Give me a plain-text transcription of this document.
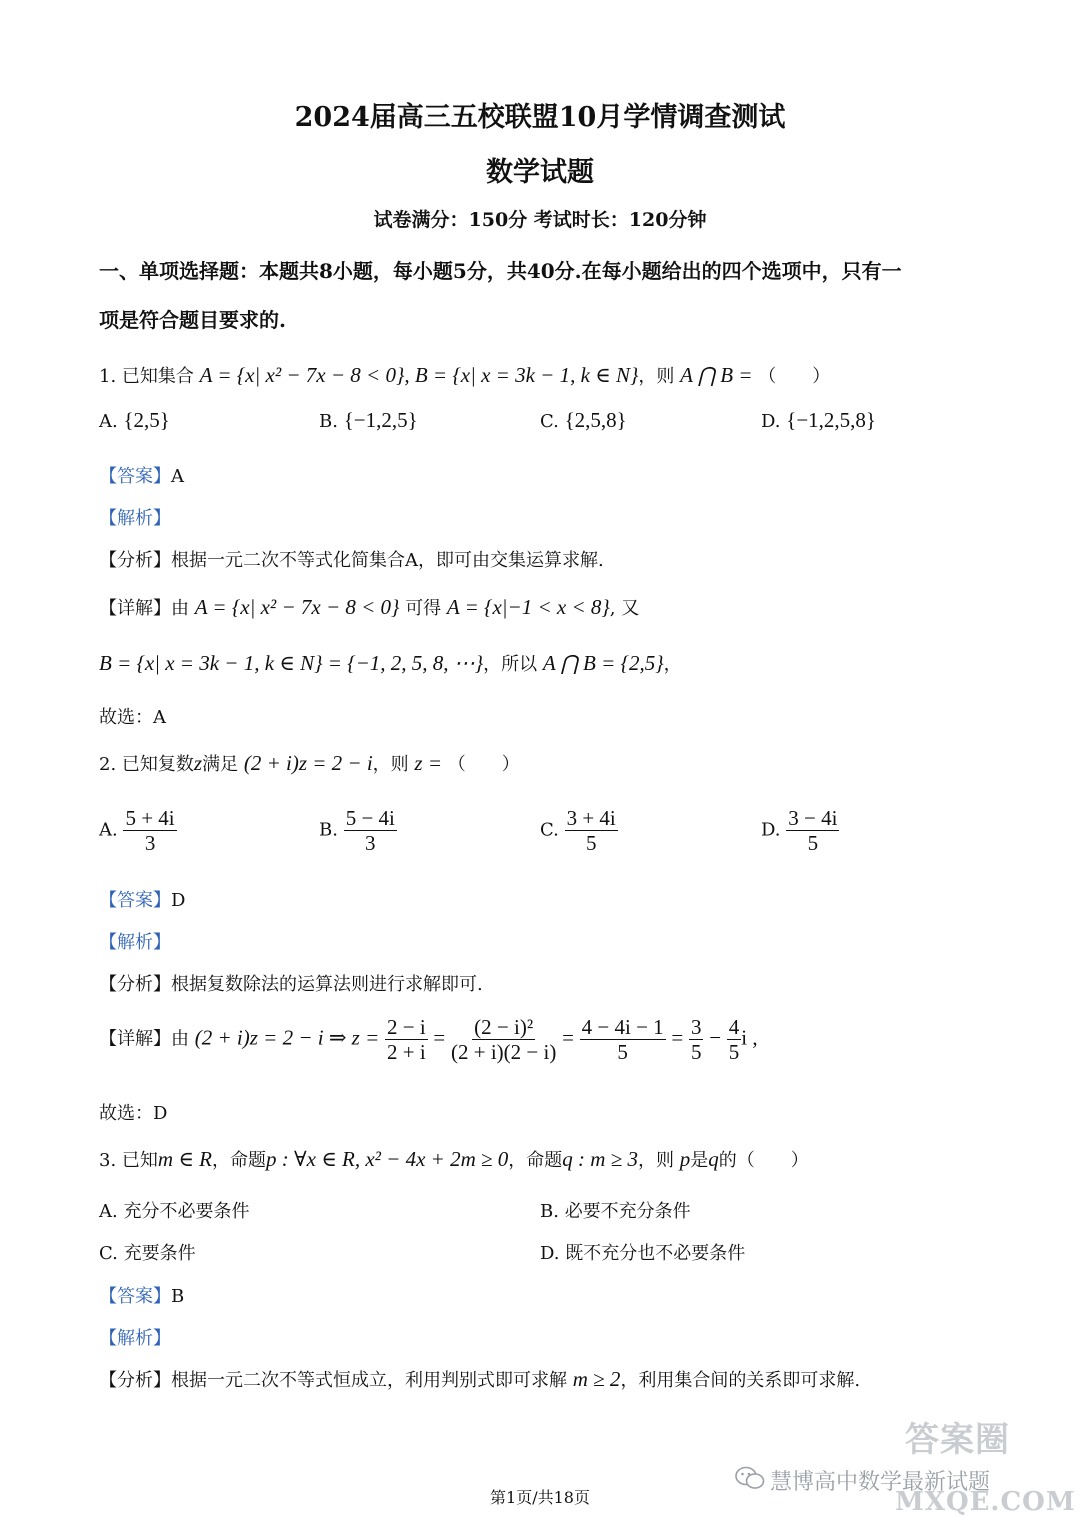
2024届高三五校联盟10月学情调查测试
数学试题
试卷满分：150分 考试时长：120分钟
一、单项选择题：本题共8小题，每小题5分，共40分.在每小题给出的四个选项中，只有一
项是符合题目要求的.
1. 已知集合 A = {x| x² − 7x − 8 < 0}, B = {x| x = 3k − 1, k ∈ N}，则 A ⋂ B = （　　）
A. {2,5}	B. {−1,2,5}	C. {2,5,8}	D. {−1,2,5,8}
【答案】A
【解析】
【分析】根据一元二次不等式化简集合A，即可由交集运算求解.
【详解】由 A = {x| x² − 7x − 8 < 0} 可得 A = {x|−1 < x < 8}, 又
B = {x| x = 3k − 1, k ∈ N} = {−1, 2, 5, 8, ⋯}，所以 A ⋂ B = {2,5}，
故选：A
2. 已知复数z满足 (2 + i)z = 2 − i，则 z = （　　）
A. $\frac{5 + 4i}{3}$	B. $\frac{5 - 4i}{3}$	C. $\frac{3 + 4i}{5}$	D. $\frac{3 - 4i}{5}$
【答案】D
【解析】
【分析】根据复数除法的运算法则进行求解即可.
【详解】由 (2 + i)z = 2 − i ⇒ $z = \frac{2 - i}{2 + i} = \frac{\text{(2 − i)²}}{(2 + i)(2 - i)} = \frac{4 - 4i - 1}{5} = \frac{3}{5} - \frac{4}{5}$ i ,
故选：D
3. 已知m ∈ R，命题p : ∀x ∈ R, x² − 4x + 2m ≥ 0，命题q : m ≥ 3，则 p是q的（　　）
A. 充分不必要条件	B. 必要不充分条件
C. 充要条件	D. 既不充分也不必要条件
【答案】B
【解析】
【分析】根据一元二次不等式恒成立，利用判别式即可求解 m ≥ 2，利用集合间的关系即可求解.
慧博高中数学最新试题
答案圈
MXQE.COM
第1页/共18页
